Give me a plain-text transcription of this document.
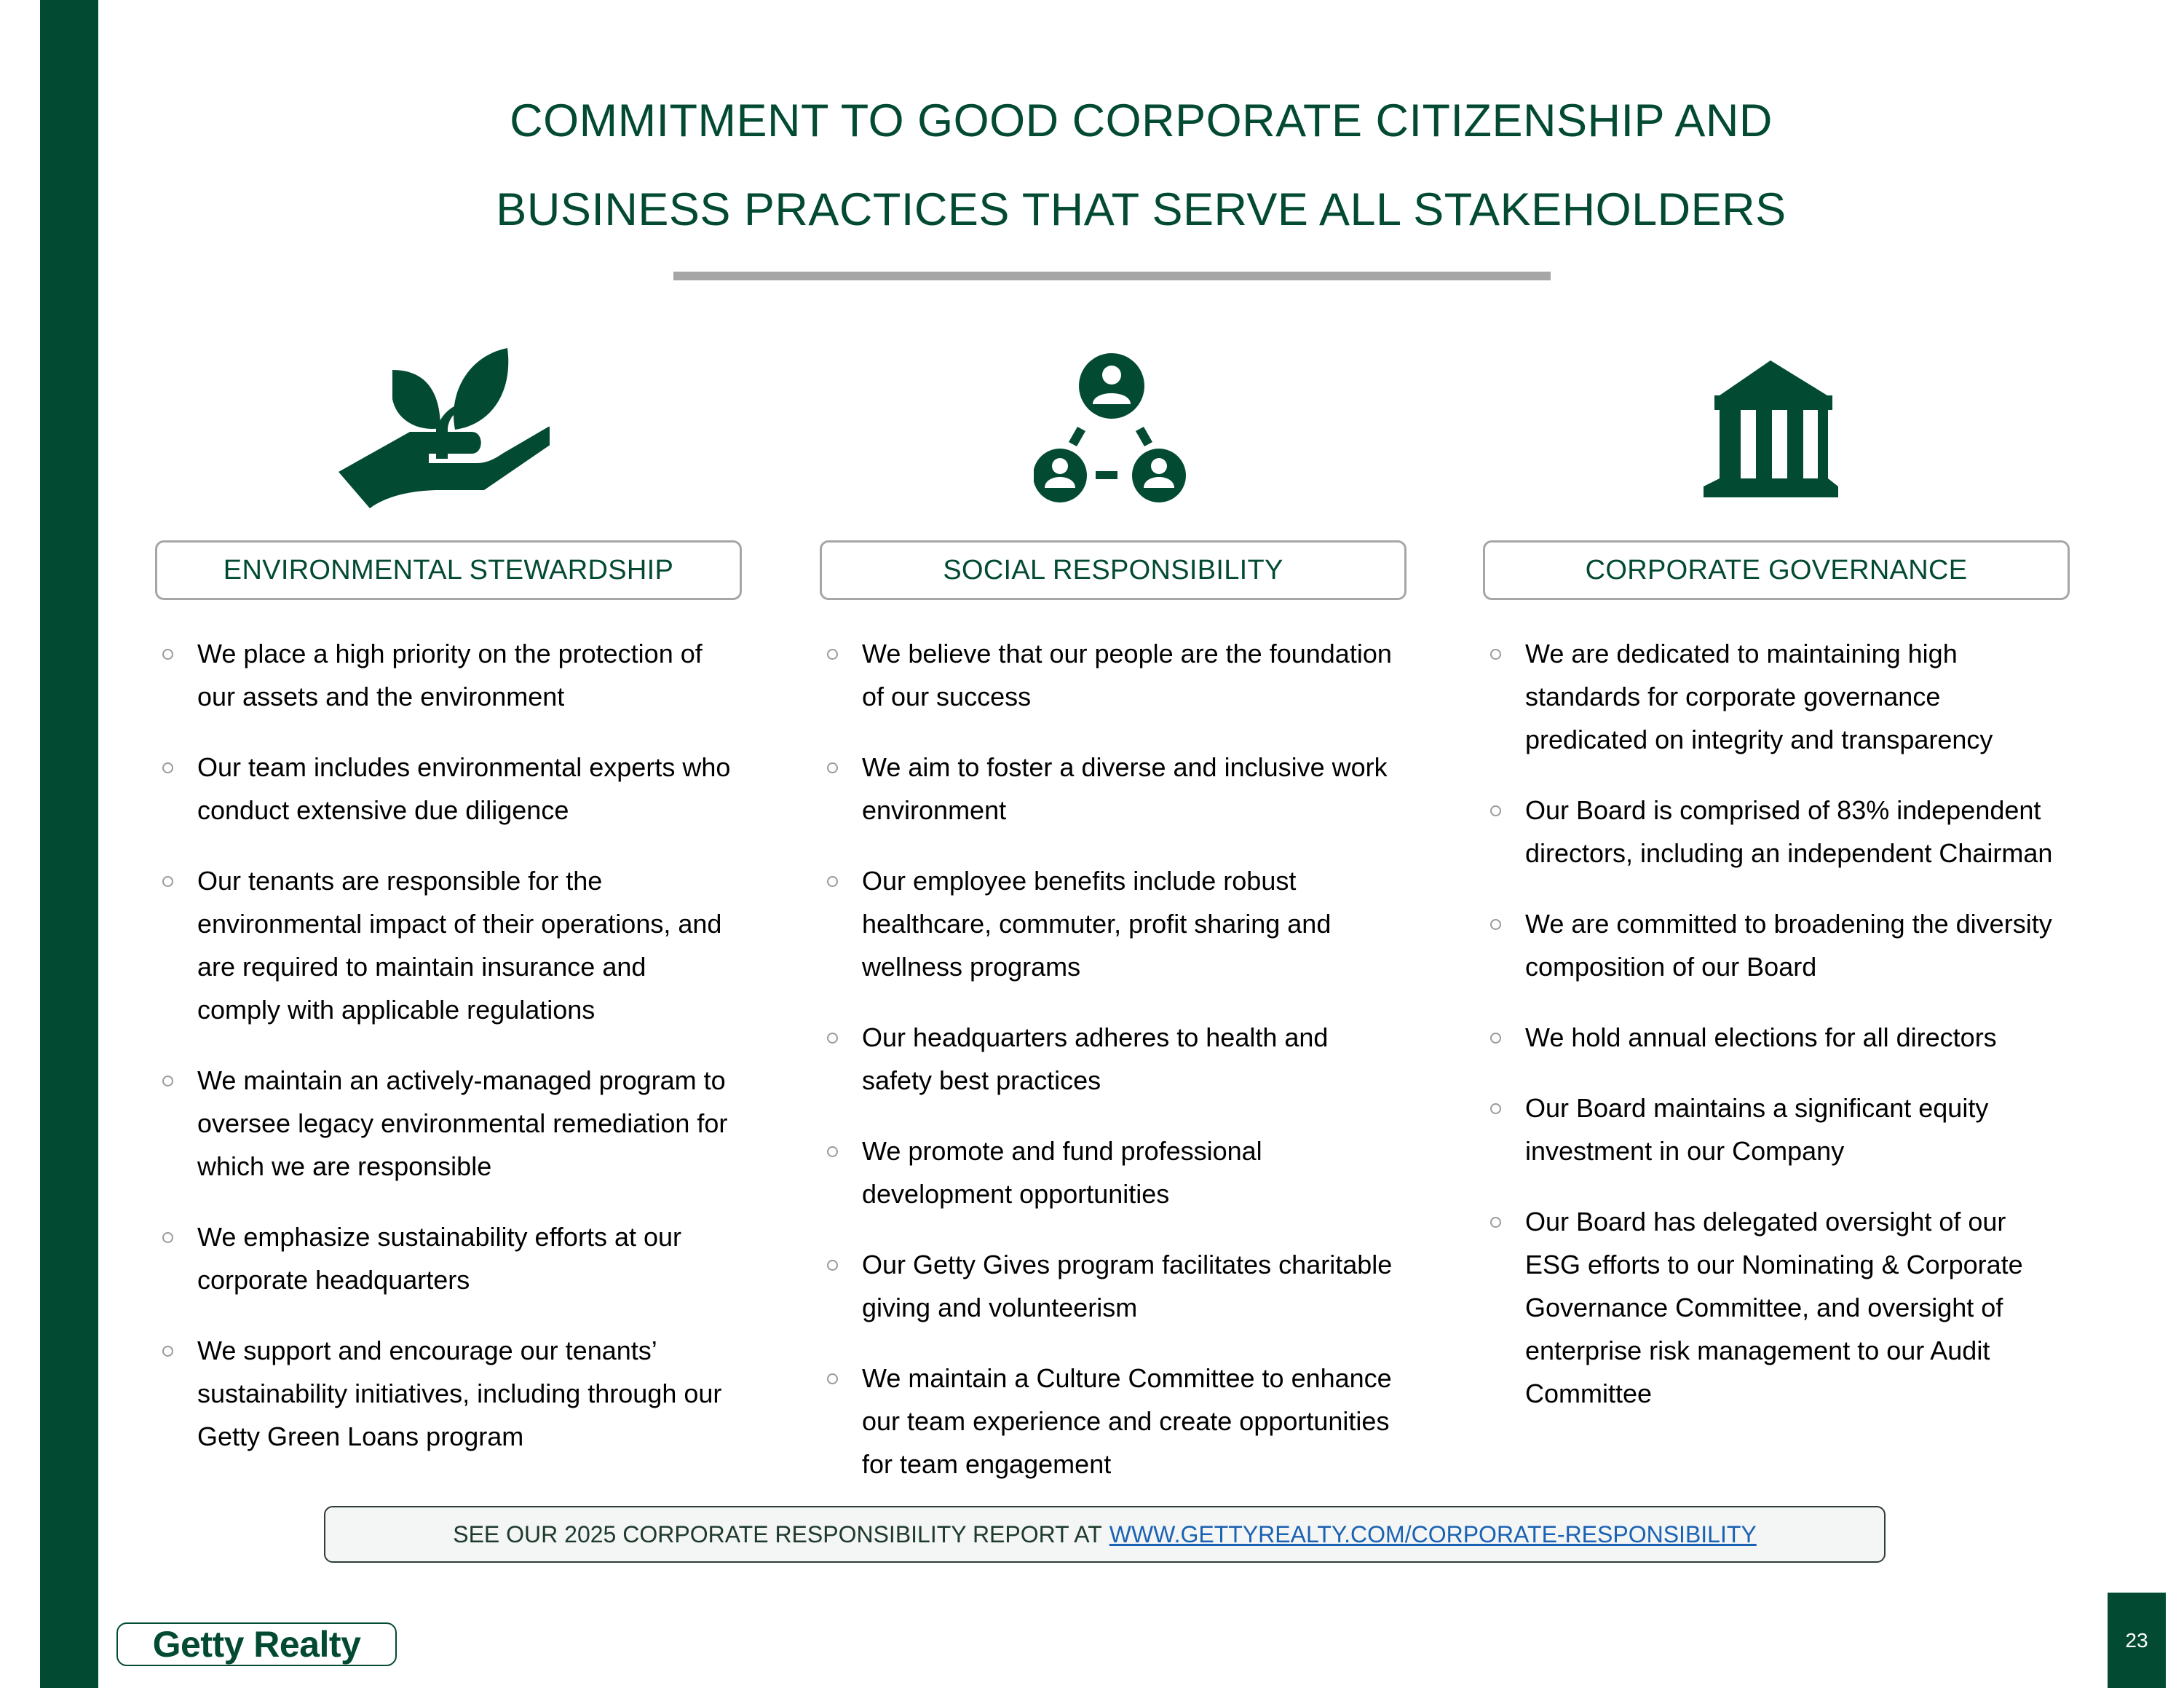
COMMITMENT TO GOOD CORPORATE CITIZENSHIP AND
BUSINESS PRACTICES THAT SERVE ALL STAKEHOLDERS
ENVIRONMENTAL STEWARDSHIP
We place a high priority on the protection of our assets and the environment
Our team includes environmental experts who conduct extensive due diligence
Our tenants are responsible for the environmental impact of their operations, and are required to maintain insurance and comply with applicable regulations
We maintain an actively-managed program to oversee legacy environmental remediation for which we are responsible
We emphasize sustainability efforts at our corporate headquarters
We support and encourage our tenants’ sustainability initiatives, including through our Getty Green Loans program
SOCIAL RESPONSIBILITY
We believe that our people are the foundation of our success
We aim to foster a diverse and inclusive work environment
Our employee benefits include robust healthcare, commuter, profit sharing and wellness programs
Our headquarters adheres to health and safety best practices
We promote and fund professional development opportunities
Our Getty Gives program facilitates charitable giving and volunteerism
We maintain a Culture Committee to enhance our team experience and create opportunities for team engagement
CORPORATE GOVERNANCE
We are dedicated to maintaining high standards for corporate governance predicated on integrity and transparency
Our Board is comprised of 83% independent directors, including an independent Chairman
We are committed to broadening the diversity composition of our Board
We hold annual elections for all directors
Our Board maintains a significant equity investment in our Company
Our Board has delegated oversight of our ESG efforts to our Nominating & Corporate Governance Committee, and oversight of enterprise risk management to our Audit Committee
SEE OUR 2025 CORPORATE RESPONSIBILITY REPORT AT WWW.GETTYREALTY.COM/CORPORATE-RESPONSIBILITY
Getty Realty	23
